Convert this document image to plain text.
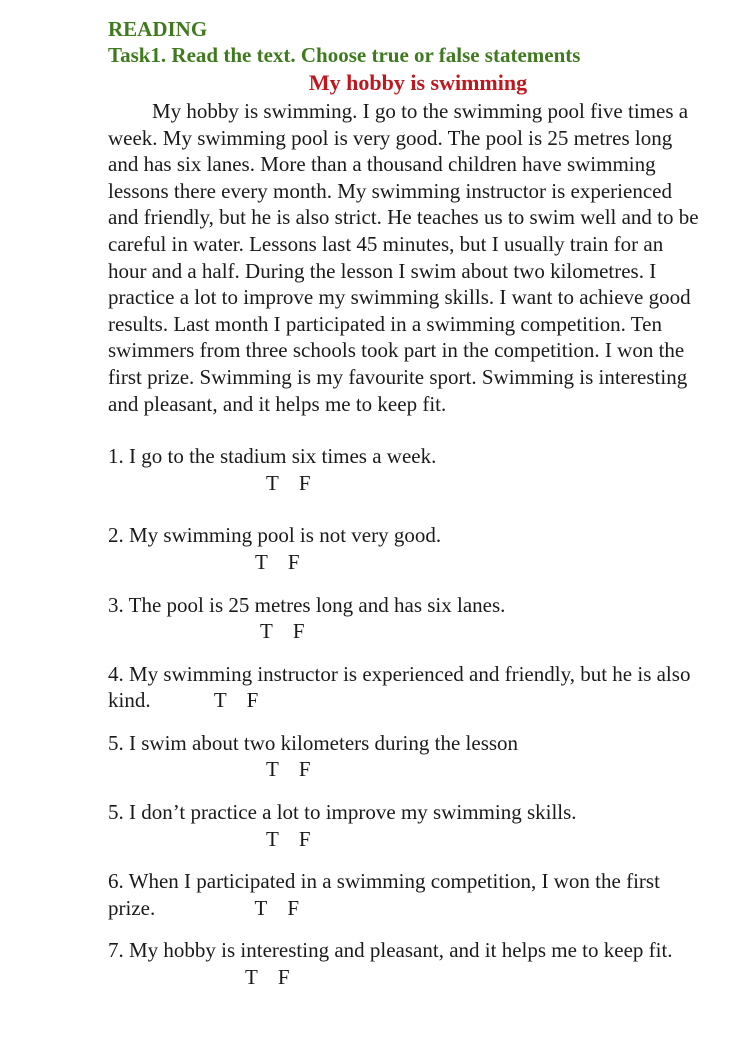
READING

Task1. Read the text. Choose true or false statements

My hobby is swimming

My hobby is swimming. I go to the swimming pool five times a week. My swimming pool is very good. The pool is 25 metres long and has six lanes. More than a thousand children have swimming lessons there every month. My swimming instructor is experienced and friendly, but he is also strict. He teaches us to swim well and to be careful in water. Lessons last 45 minutes, but I usually train for an hour and a half. During the lesson I swim about two kilometres. I practice a lot to improve my swimming skills. I want to achieve good results. Last month I participated in a swimming competition. Ten swimmers from three schools took part in the competition. I won the first prize. Swimming is my favourite sport. Swimming is interesting and pleasant, and it helps me to keep fit.

1. I go to the stadium six times a week.
T F
2. My swimming pool is not very good.
T F
3. The pool is 25 metres long and has six lanes.
T F
4. My swimming instructor is experienced and friendly, but he is also kind.	T F
5. I swim about two kilometers during the lesson
T F
5. I don’t practice a lot to improve my swimming skills.
T F
6. When I participated in a swimming competition, I won the first prize.	T F
7. My hobby is interesting and pleasant, and it helps me to keep fit. T F
